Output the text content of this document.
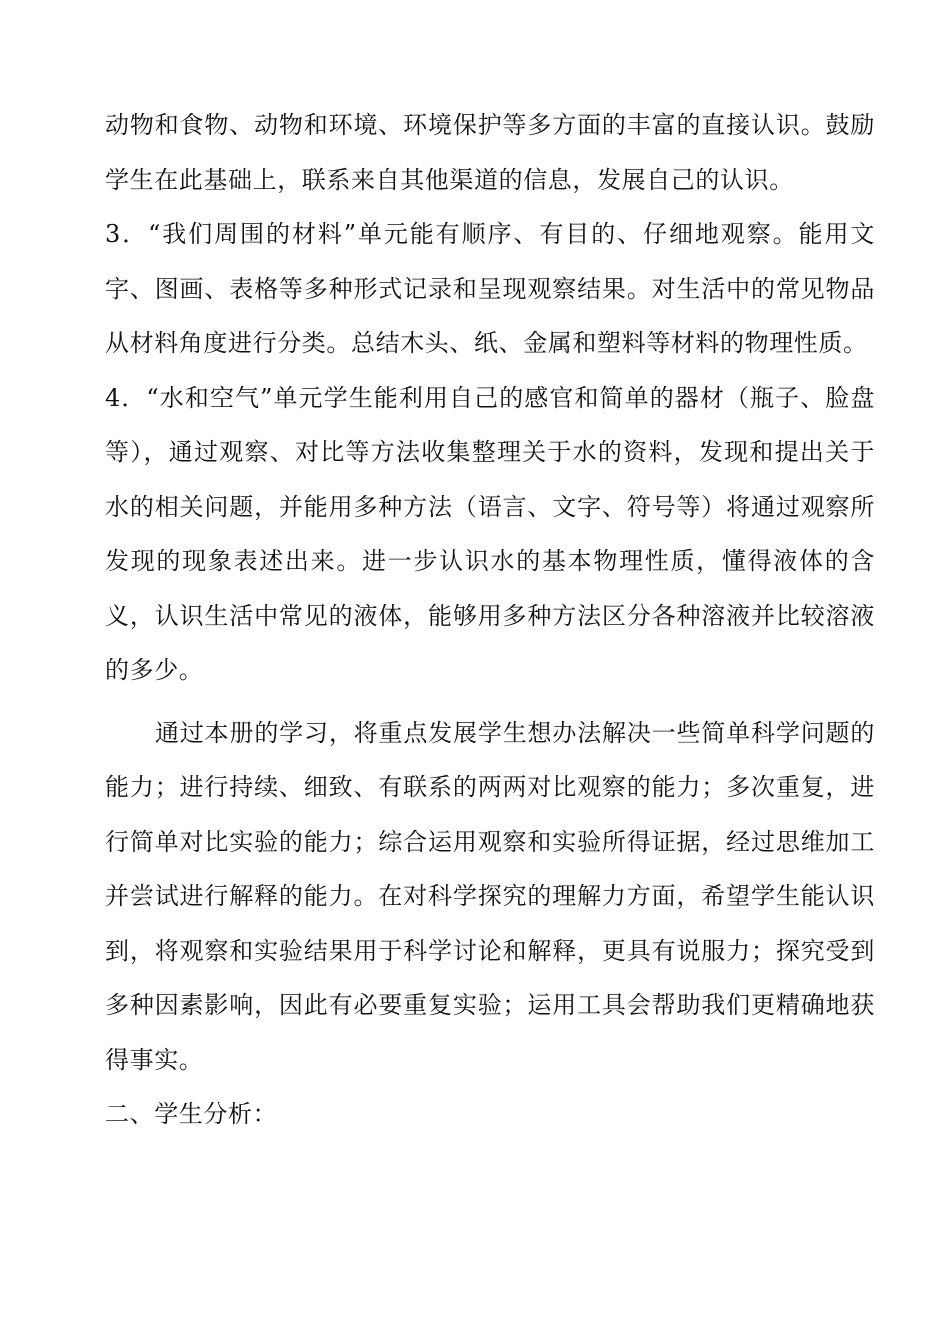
动物和食物、动物和环境、环境保护等多方面的丰富的直接认识。鼓励学生在此基础上，联系来自其他渠道的信息，发展自己的认识。

3．“我们周围的材料”单元能有顺序、有目的、仔细地观察。能用文字、图画、表格等多种形式记录和呈现观察结果。对生活中的常见物品从材料角度进行分类。总结木头、纸、金属和塑料等材料的物理性质。

4．“水和空气”单元学生能利用自己的感官和简单的器材（瓶子、脸盘等），通过观察、对比等方法收集整理关于水的资料，发现和提出关于水的相关问题，并能用多种方法（语言、文字、符号等）将通过观察所发现的现象表述出来。进一步认识水的基本物理性质，懂得液体的含义，认识生活中常见的液体，能够用多种方法区分各种溶液并比较溶液的多少。

通过本册的学习，将重点发展学生想办法解决一些简单科学问题的能力；进行持续、细致、有联系的两两对比观察的能力；多次重复，进行简单对比实验的能力；综合运用观察和实验所得证据，经过思维加工并尝试进行解释的能力。在对科学探究的理解力方面，希望学生能认识到，将观察和实验结果用于科学讨论和解释，更具有说服力；探究受到多种因素影响，因此有必要重复实验；运用工具会帮助我们更精确地获得事实。

二、学生分析：
